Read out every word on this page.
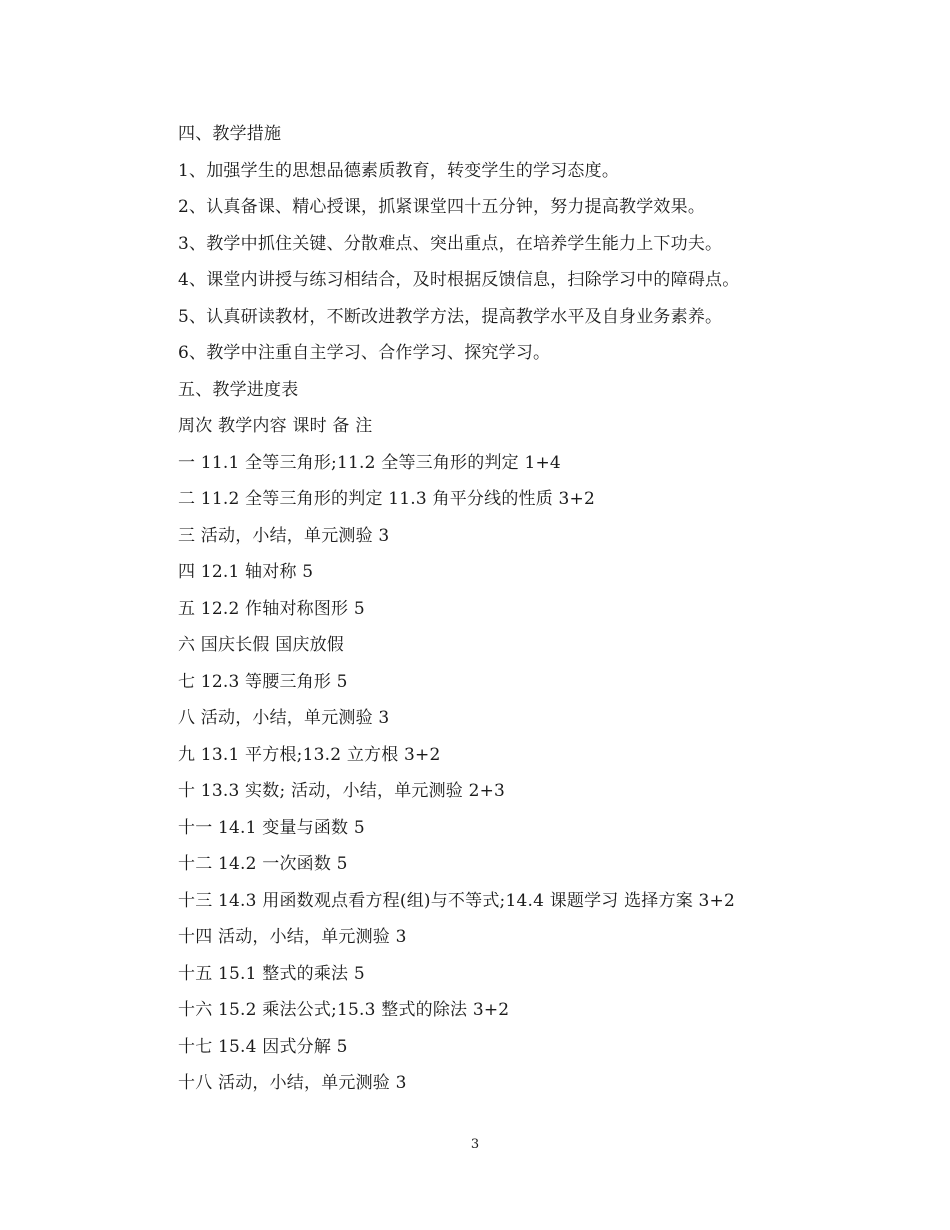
四、教学措施
1、加强学生的思想品德素质教育，转变学生的学习态度。
2、认真备课、精心授课，抓紧课堂四十五分钟，努力提高教学效果。
3、教学中抓住关键、分散难点、突出重点，在培养学生能力上下功夫。
4、课堂内讲授与练习相结合，及时根据反馈信息，扫除学习中的障碍点。
5、认真研读教材，不断改进教学方法，提高教学水平及自身业务素养。
6、教学中注重自主学习、合作学习、探究学习。
五、教学进度表
周次 教学内容 课时 备 注
一 11.1 全等三角形;11.2 全等三角形的判定 1+4
二 11.2 全等三角形的判定 11.3 角平分线的性质 3+2
三 活动，小结，单元测验 3
四 12.1 轴对称 5
五 12.2 作轴对称图形 5
六 国庆长假 国庆放假
七 12.3 等腰三角形 5
八 活动，小结，单元测验 3
九 13.1 平方根;13.2 立方根 3+2
十 13.3 实数; 活动，小结，单元测验 2+3
十一 14.1 变量与函数 5
十二 14.2 一次函数 5
十三 14.3 用函数观点看方程(组)与不等式;14.4 课题学习 选择方案 3+2
十四 活动，小结，单元测验 3
十五 15.1 整式的乘法 5
十六 15.2 乘法公式;15.3 整式的除法 3+2
十七 15.4 因式分解 5
十八 活动，小结，单元测验 3
3
